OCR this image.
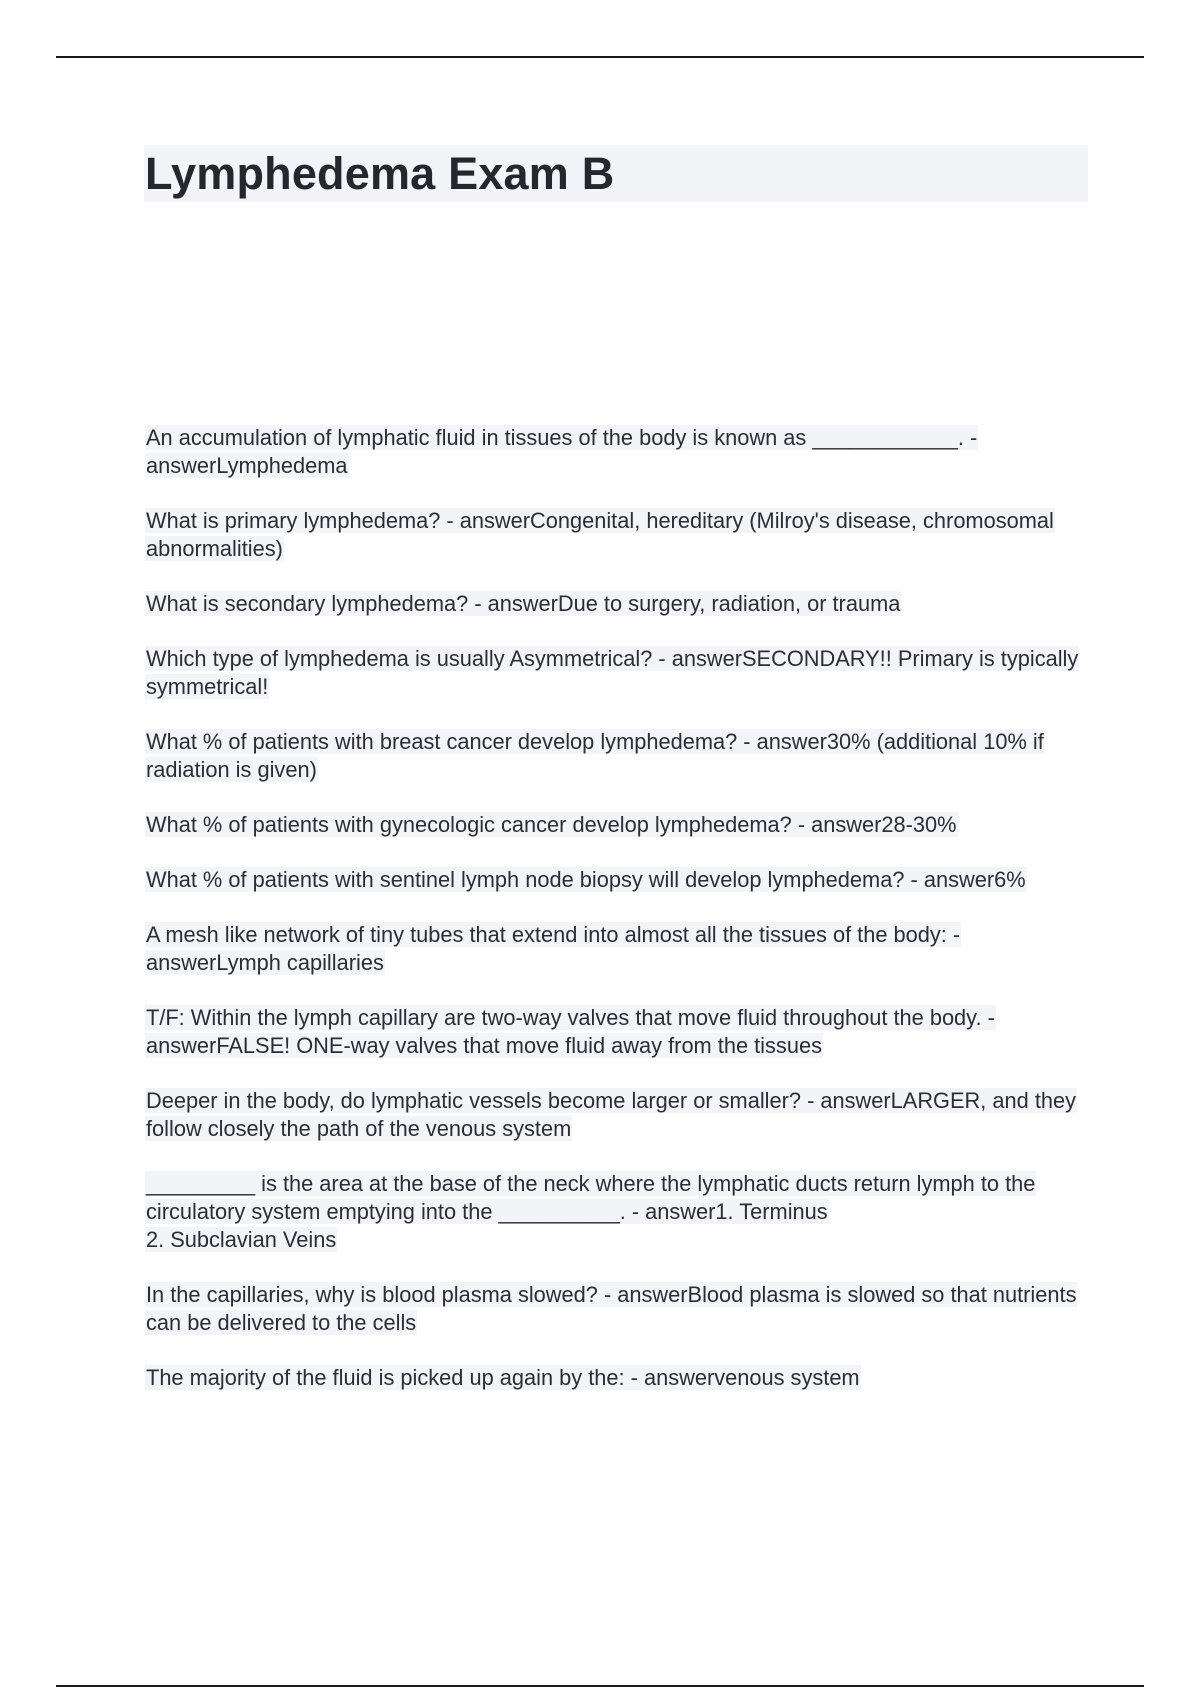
Lymphedema Exam B
An accumulation of lymphatic fluid in tissues of the body is known as ____________. - answerLymphedema
What is primary lymphedema? - answerCongenital, hereditary (Milroy's disease, chromosomal abnormalities)
What is secondary lymphedema? - answerDue to surgery, radiation, or trauma
Which type of lymphedema is usually Asymmetrical? - answerSECONDARY!! Primary is typically symmetrical!
What % of patients with breast cancer develop lymphedema? - answer30% (additional 10% if radiation is given)
What % of patients with gynecologic cancer develop lymphedema? - answer28-30%
What % of patients with sentinel lymph node biopsy will develop lymphedema? - answer6%
A mesh like network of tiny tubes that extend into almost all the tissues of the body: - answerLymph capillaries
T/F: Within the lymph capillary are two-way valves that move fluid throughout the body. - answerFALSE! ONE-way valves that move fluid away from the tissues
Deeper in the body, do lymphatic vessels become larger or smaller? - answerLARGER, and they follow closely the path of the venous system
_________ is the area at the base of the neck where the lymphatic ducts return lymph to the circulatory system emptying into the __________. - answer1. Terminus
2. Subclavian Veins
In the capillaries, why is blood plasma slowed? - answerBlood plasma is slowed so that nutrients can be delivered to the cells
The majority of the fluid is picked up again by the: - answervenous system
